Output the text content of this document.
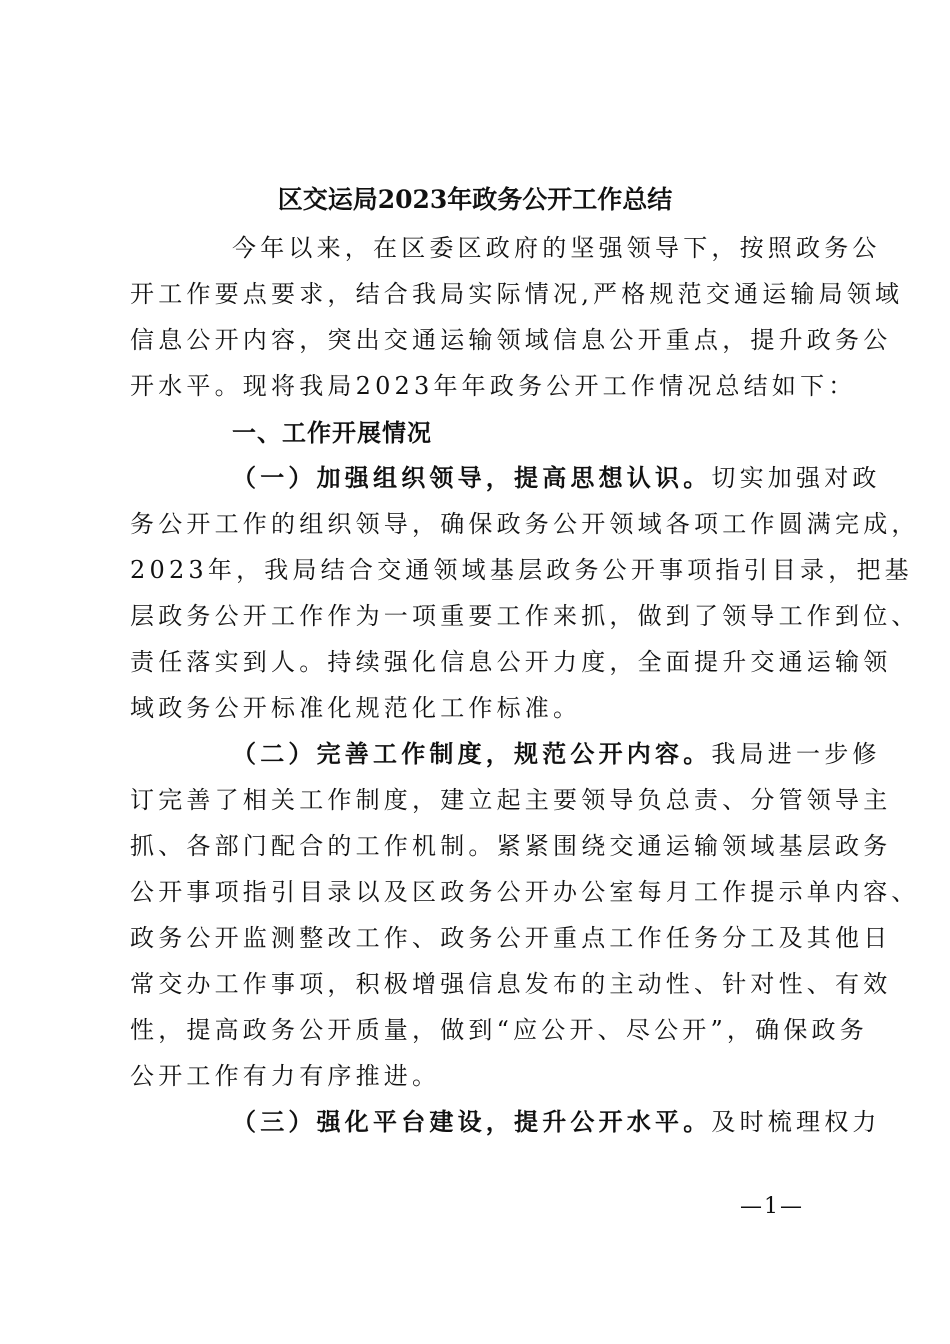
区交运局2023年政务公开工作总结
今年以来，在区委区政府的坚强领导下，按照政务公
开工作要点要求，结合我局实际情况,严格规范交通运输局领域
信息公开内容，突出交通运输领域信息公开重点，提升政务公
开水平。现将我局2023年年政务公开工作情况总结如下：
一、工作开展情况
（一）加强组织领导，提高思想认识。切实加强对政
务公开工作的组织领导，确保政务公开领域各项工作圆满完成，
2023年，我局结合交通领域基层政务公开事项指引目录，把基
层政务公开工作作为一项重要工作来抓，做到了领导工作到位、
责任落实到人。持续强化信息公开力度，全面提升交通运输领
域政务公开标准化规范化工作标准。
（二）完善工作制度，规范公开内容。我局进一步修
订完善了相关工作制度，建立起主要领导负总责、分管领导主
抓、各部门配合的工作机制。紧紧围绕交通运输领域基层政务
公开事项指引目录以及区政务公开办公室每月工作提示单内容、
政务公开监测整改工作、政务公开重点工作任务分工及其他日
常交办工作事项，积极增强信息发布的主动性、针对性、有效
性，提高政务公开质量，做到“应公开、尽公开”，确保政务
公开工作有力有序推进。
（三）强化平台建设，提升公开水平。及时梳理权力
—1—
